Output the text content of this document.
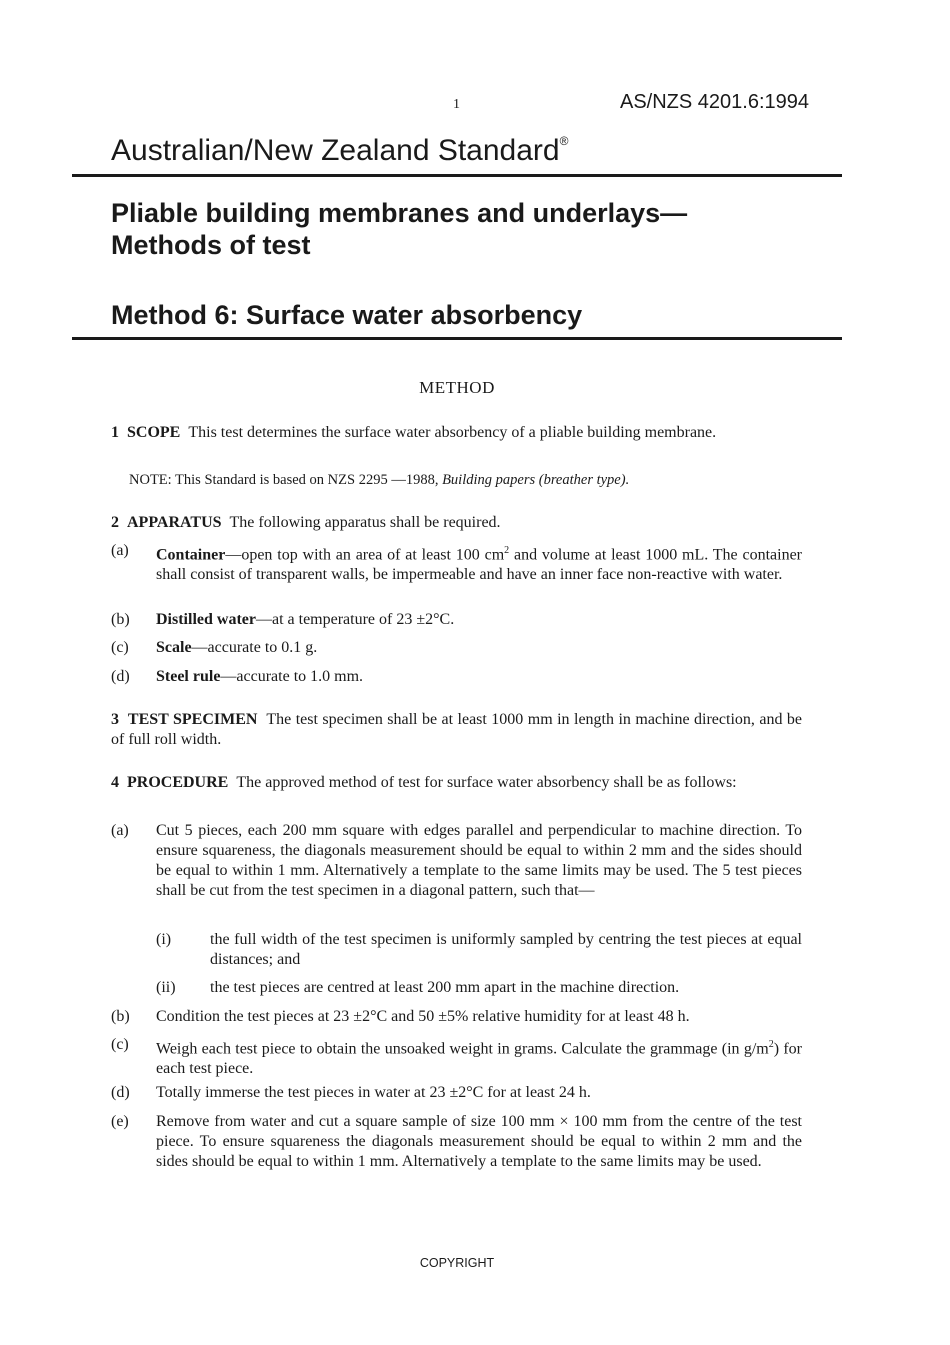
1	AS/NZS 4201.6:1994
Australian/New Zealand Standard®
Pliable building membranes and underlays—
Methods of test
Method 6: Surface water absorbency
METHOD

1 SCOPE This test determines the surface water absorbency of a pliable building membrane.

NOTE: This Standard is based on NZS 2295 —1988, Building papers (breather type).

2 APPARATUS The following apparatus shall be required.

(a) Container—open top with an area of at least 100 $cm^2$ and volume at least 1000 mL. The container shall consist of transparent walls, be impermeable and have an inner face non-reactive with water.

(b) Distilled water—at a temperature of 23 ±2°C.

(c) Scale—accurate to 0.1 g.

(d) Steel rule—accurate to 1.0 mm.

3 TEST SPECIMEN The test specimen shall be at least 1000 mm in length in machine direction, and be of full roll width.

4 PROCEDURE The approved method of test for surface water absorbency shall be as follows:

(a) Cut 5 pieces, each 200 mm square with edges parallel and perpendicular to machine direction. To ensure squareness, the diagonals measurement should be equal to within 2 mm and the sides should be equal to within 1 mm. Alternatively a template to the same limits may be used. The 5 test pieces shall be cut from the test specimen in a diagonal pattern, such that—

(i) the full width of the test specimen is uniformly sampled by centring the test pieces at equal distances; and

(ii) the test pieces are centred at least 200 mm apart in the machine direction.

(b) Condition the test pieces at 23 ±2°C and 50 ±5% relative humidity for at least 48 h.

(c) Weigh each test piece to obtain the unsoaked weight in grams. Calculate the grammage (in $g/m^2$) for each test piece.

(d) Totally immerse the test pieces in water at 23 ±2°C for at least 24 h.

(e) Remove from water and cut a square sample of size 100 mm × 100 mm from the centre of the test piece. To ensure squareness the diagonals measurement should be equal to within 2 mm and the sides should be equal to within 1 mm. Alternatively a template to the same limits may be used.

COPYRIGHT
